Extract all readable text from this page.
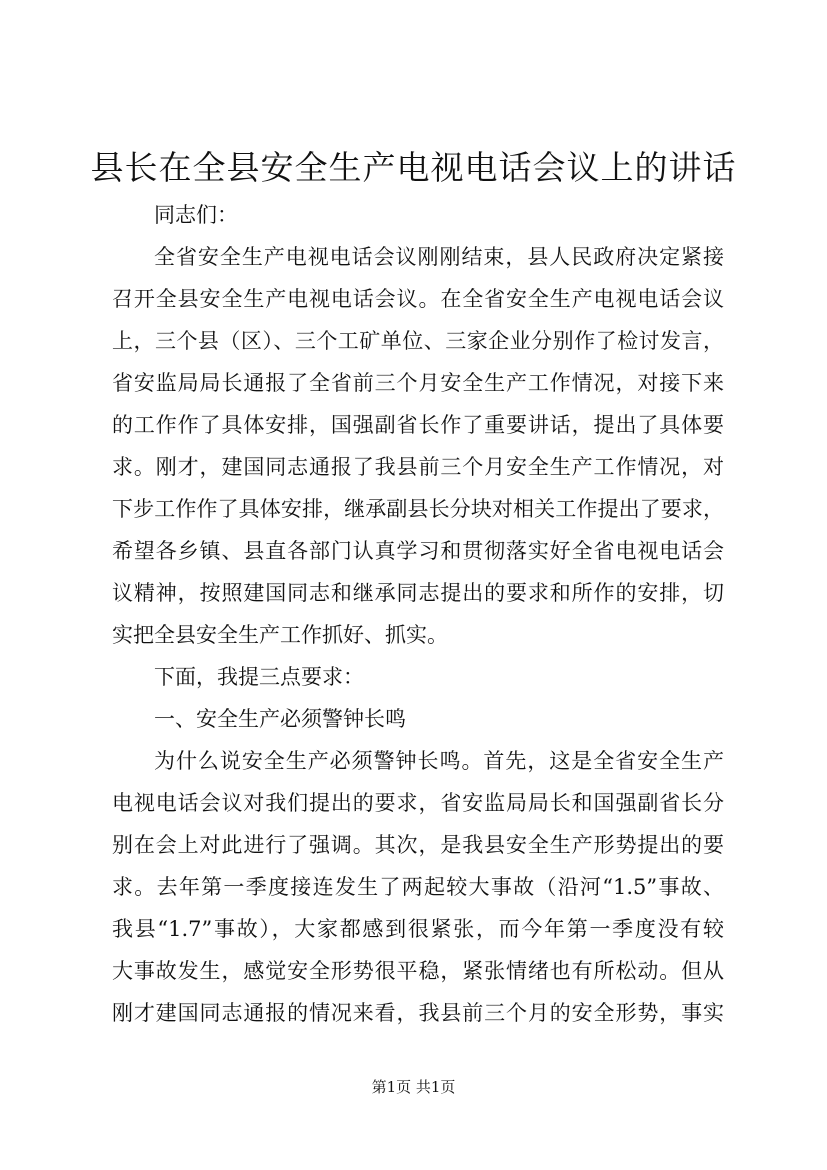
县长在全县安全生产电视电话会议上的讲话
同志们：
全省安全生产电视电话会议刚刚结束，县人民政府决定紧接
召开全县安全生产电视电话会议。在全省安全生产电视电话会议
上，三个县（区）、三个工矿单位、三家企业分别作了检讨发言，
省安监局局长通报了全省前三个月安全生产工作情况，对接下来
的工作作了具体安排，国强副省长作了重要讲话，提出了具体要
求。刚才，建国同志通报了我县前三个月安全生产工作情况，对
下步工作作了具体安排，继承副县长分块对相关工作提出了要求，
希望各乡镇、县直各部门认真学习和贯彻落实好全省电视电话会
议精神，按照建国同志和继承同志提出的要求和所作的安排，切
实把全县安全生产工作抓好、抓实。
下面，我提三点要求：
一、安全生产必须警钟长鸣
为什么说安全生产必须警钟长鸣。首先，这是全省安全生产
电视电话会议对我们提出的要求，省安监局局长和国强副省长分
别在会上对此进行了强调。其次，是我县安全生产形势提出的要
求。去年第一季度接连发生了两起较大事故（沿河“1.5”事故、
我县“1.7”事故），大家都感到很紧张，而今年第一季度没有较
大事故发生，感觉安全形势很平稳，紧张情绪也有所松动。但从
刚才建国同志通报的情况来看，我县前三个月的安全形势，事实
第1页 共1页
